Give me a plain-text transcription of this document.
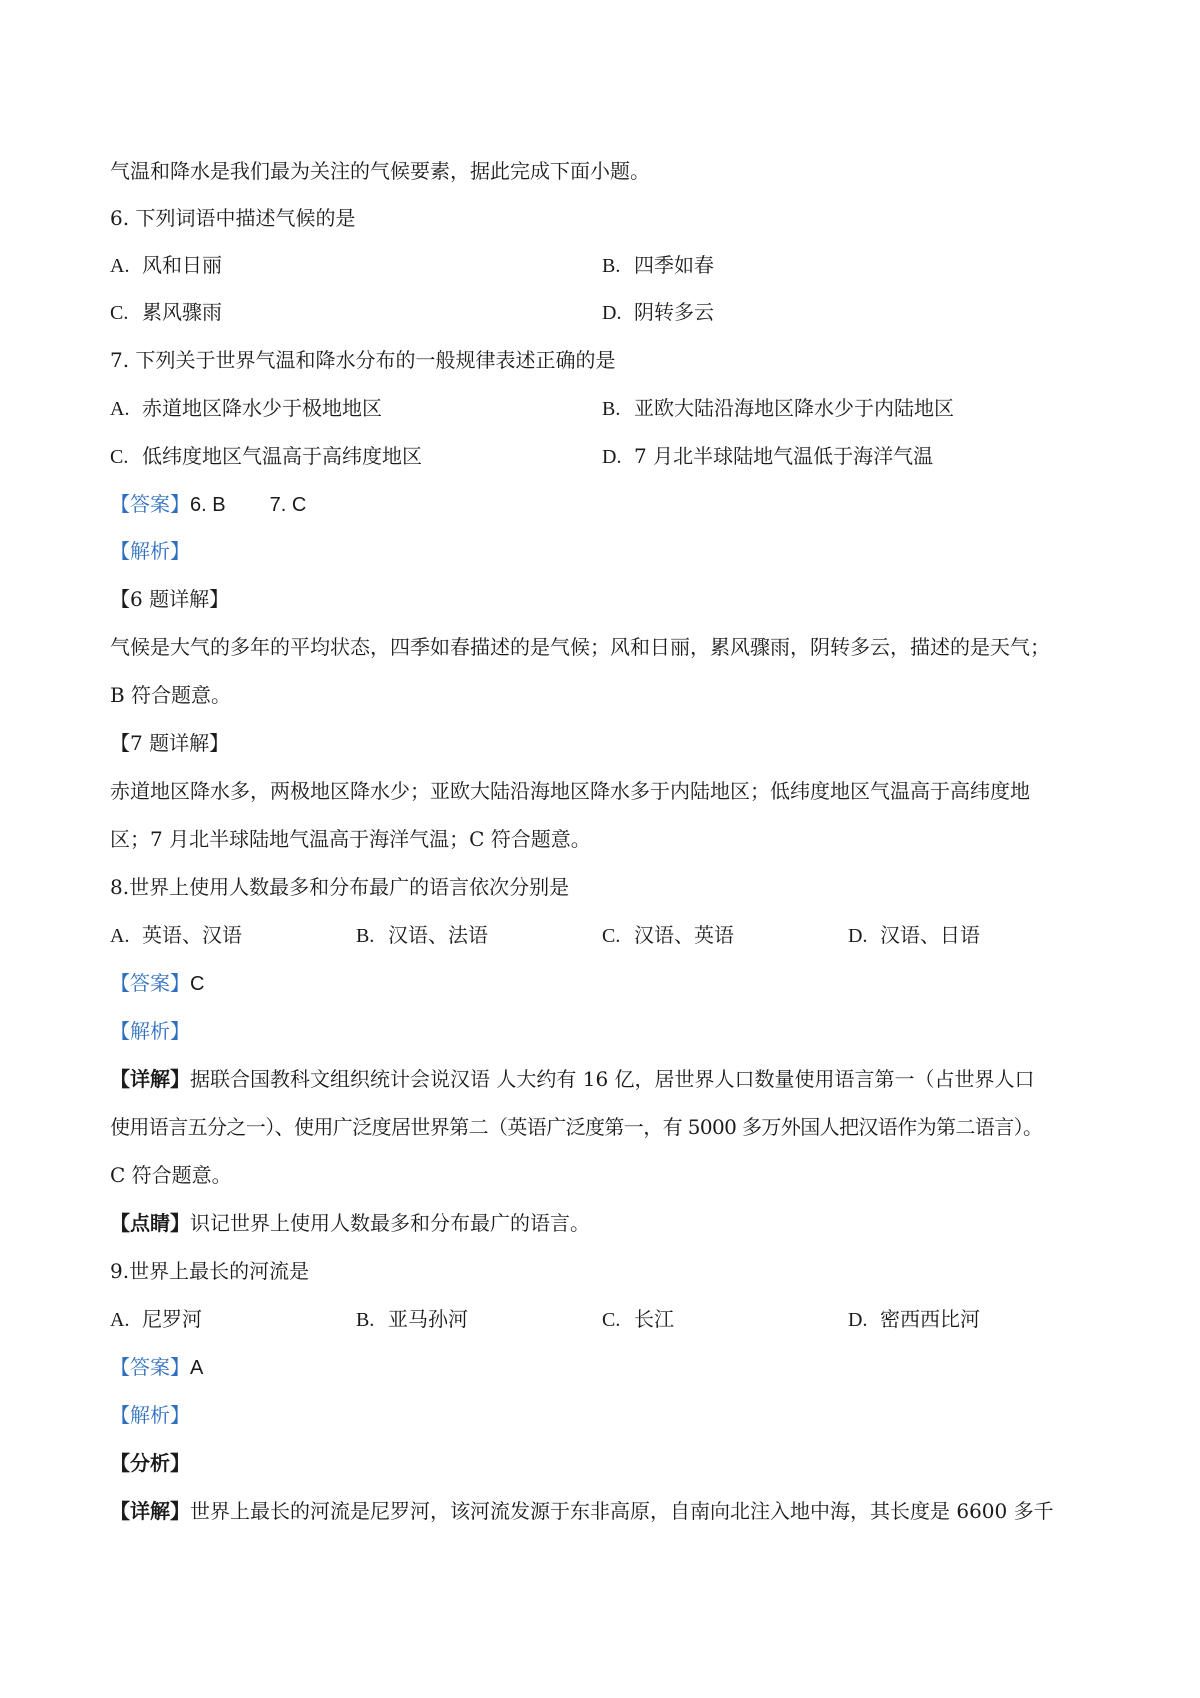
气温和降水是我们最为关注的气候要素，据此完成下面小题。
6. 下列词语中描述气候的是
A. 风和日丽	B. 四季如春
C. 累风骤雨	D. 阴转多云
7. 下列关于世界气温和降水分布的一般规律表述正确的是
A. 赤道地区降水少于极地地区	B. 亚欧大陆沿海地区降水少于内陆地区
C. 低纬度地区气温高于高纬度地区	D. 7 月北半球陆地气温低于海洋气温
【答案】6. B 7. C
【解析】
【6 题详解】
气候是大气的多年的平均状态，四季如春描述的是气候；风和日丽，累风骤雨，阴转多云，描述的是天气；
B 符合题意。
【7 题详解】
赤道地区降水多，两极地区降水少；亚欧大陆沿海地区降水多于内陆地区；低纬度地区气温高于高纬度地
区；7 月北半球陆地气温高于海洋气温；C 符合题意。
8.世界上使用人数最多和分布最广的语言依次分别是
A. 英语、汉语	B. 汉语、法语	C. 汉语、英语	D. 汉语、日语
【答案】C
【解析】
【详解】据联合国教科文组织统计会说汉语 人大约有 16 亿，居世界人口数量使用语言第一（占世界人口
使用语言五分之一）、使用广泛度居世界第二（英语广泛度第一，有 5000 多万外国人把汉语作为第二语言）。
C 符合题意。
【点睛】识记世界上使用人数最多和分布最广的语言。
9.世界上最长的河流是
A. 尼罗河	B. 亚马孙河	C. 长江	D. 密西西比河
【答案】A
【解析】
【分析】
【详解】世界上最长的河流是尼罗河，该河流发源于东非高原，自南向北注入地中海，其长度是 6600 多千
